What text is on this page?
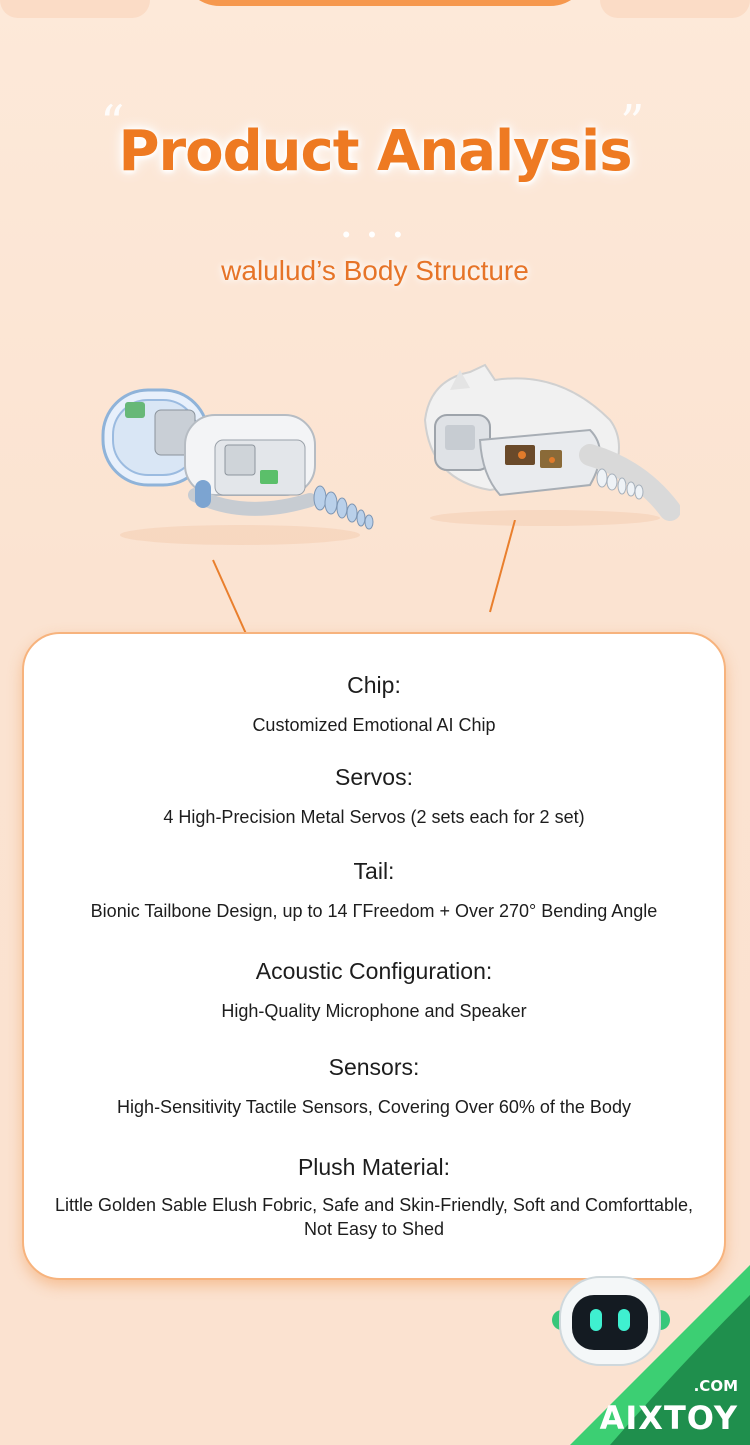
“	”
Product Analysis
• • •
walulud’s Body Structure
Chip:
Customized Emotional AI Chip
Servos:
4 High-Precision Metal Servos (2 sets each for 2 set)
Tail:
Bionic Tailbone Design, up to 14 ΓFreedom + Over 270° Bending Angle
Acoustic Configuration:
High-Quality Microphone and Speaker
Sensors:
High-Sensitivity Tactile Sensors, Covering Over 60% of the Body
Plush Material:
Little Golden Sable Elush Fobric, Safe and Skin-Friendly, Soft and Comforttable,
Not Easy to Shed
.COM
AIXTOY
